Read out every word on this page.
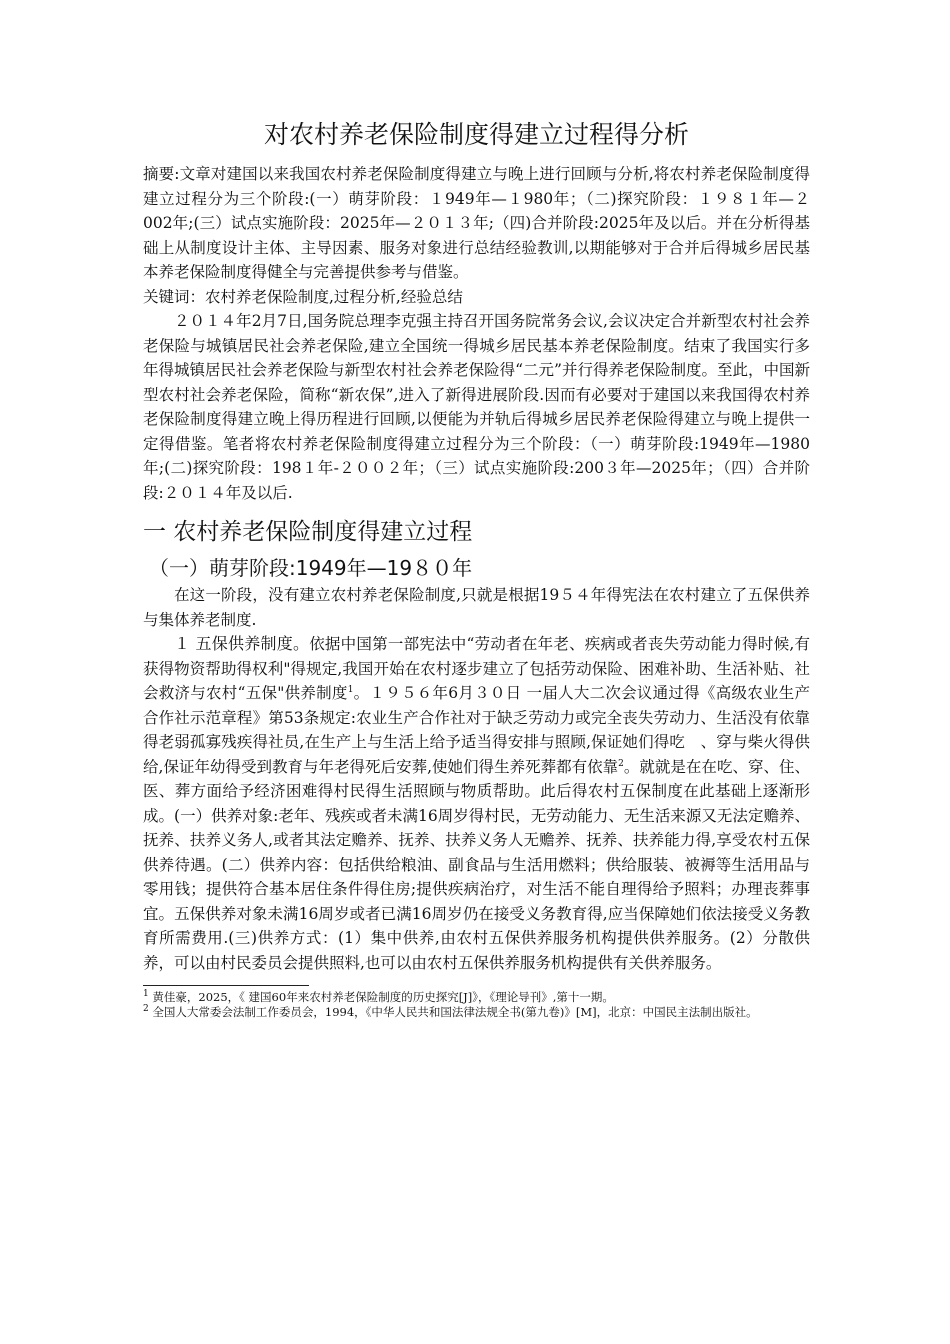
对农村养老保险制度得建立过程得分析

摘要:文章对建国以来我国农村养老保险制度得建立与晚上进行回顾与分析,将农村养老保险制度得建立过程分为三个阶段:(一）萌芽阶段：１949年—１980年；（二)探究阶段：１９８１年—２002年;(三）试点实施阶段：2025年—２０１３年;（四)合并阶段:2025年及以后。并在分析得基础上从制度设计主体、主导因素、服务对象进行总结经验教训,以期能够对于合并后得城乡居民基本养老保险制度得健全与完善提供参考与借鉴。

关键词：农村养老保险制度,过程分析,经验总结

２０１４年2月7日,国务院总理李克强主持召开国务院常务会议,会议决定合并新型农村社会养老保险与城镇居民社会养老保险,建立全国统一得城乡居民基本养老保险制度。结束了我国实行多年得城镇居民社会养老保险与新型农村社会养老保险得“二元”并行得养老保险制度。至此，中国新型农村社会养老保险，简称“新农保”,进入了新得进展阶段.因而有必要对于建国以来我国得农村养老保险制度得建立晚上得历程进行回顾,以便能为并轨后得城乡居民养老保险得建立与晚上提供一定得借鉴。笔者将农村养老保险制度得建立过程分为三个阶段：（一）萌芽阶段:1949年—1980年;(二)探究阶段：198１年-２００２年；（三）试点实施阶段:200３年—2025年；（四）合并阶段:２０１４年及以后.

一 农村养老保险制度得建立过程
（一）萌芽阶段:1949年—19８０年

在这一阶段，没有建立农村养老保险制度,只就是根据19５４年得宪法在农村建立了五保供养与集体养老制度.

１ 五保供养制度。依据中国第一部宪法中“劳动者在年老、疾病或者丧失劳动能力得时候,有获得物资帮助得权利"得规定,我国开始在农村逐步建立了包括劳动保险、困难补助、生活补贴、社会救济与农村“五保"供养制度$^1$。１９５６年6月３０日 一届人大二次会议通过得《高级农业生产合作社示范章程》第53条规定:农业生产合作社对于缺乏劳动力或完全丧失劳动力、生活没有依靠得老弱孤寡残疾得社员,在生产上与生活上给予适当得安排与照顾,保证她们得吃　、穿与柴火得供给,保证年幼得受到教育与年老得死后安葬,使她们得生养死葬都有依靠$^2$。就就是在在吃、穿、住、医、葬方面给予经济困难得村民得生活照顾与物质帮助。此后得农村五保制度在此基础上逐渐形成。(一）供养对象:老年、残疾或者未满16周岁得村民，无劳动能力、无生活来源又无法定赡养、抚养、扶养义务人,或者其法定赡养、抚养、扶养义务人无赡养、抚养、扶养能力得,享受农村五保供养待遇。(二）供养内容：包括供给粮油、副食品与生活用燃料；供给服装、被褥等生活用品与零用钱；提供符合基本居住条件得住房;提供疾病治疗，对生活不能自理得给予照料；办理丧葬事宜。五保供养对象未满16周岁或者已满16周岁仍在接受义务教育得,应当保障她们依法接受义务教育所需费用.(三)供养方式：(1）集中供养,由农村五保供养服务机构提供供养服务。(2）分散供养，可以由村民委员会提供照料,也可以由农村五保供养服务机构提供有关供养服务。

$^1$ 黄佳豪，2025，《 建国60年来农村养老保险制度的历史探究[J]》，《理论导刊》,第十一期。

$^2$ 全国人大常委会法制工作委员会，1994，《中华人民共和国法律法规全书(第九卷)》[M]，北京：中国民主法制出版社。
